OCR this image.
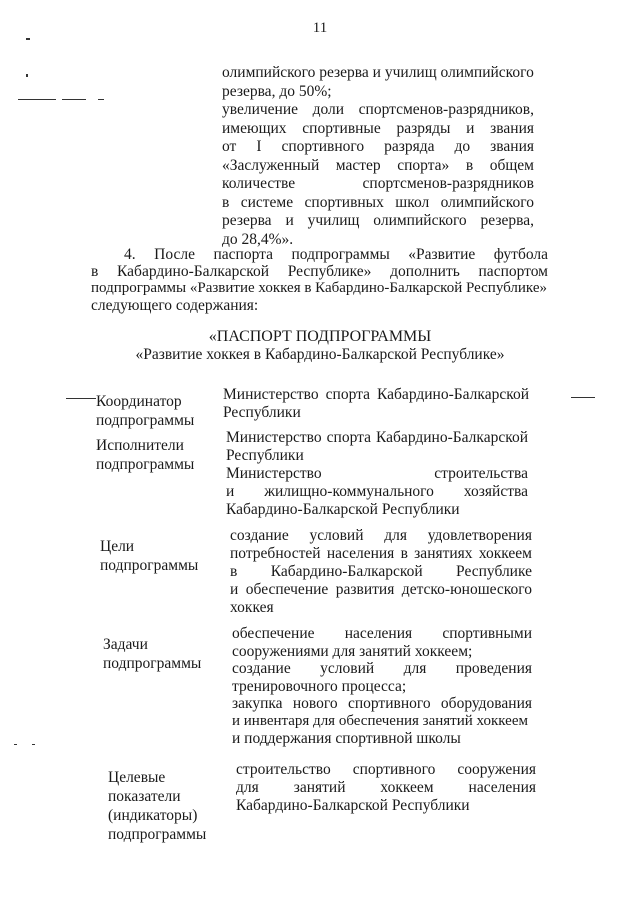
11
олимпийского резерва и училищ олимпийского
резерва, до 50%;
увеличение доли спортсменов-разрядников,
имеющих спортивные разряды и звания
от I спортивного разряда до звания
«Заслуженный мастер спорта» в общем
количестве спортсменов-разрядников
в системе спортивных школ олимпийского
резерва и училищ олимпийского резерва,
до 28,4%».
4. После паспорта подпрограммы «Развитие футбола
в Кабардино-Балкарской Республике» дополнить паспортом
подпрограммы «Развитие хоккея в Кабардино-Балкарской Республике»
следующего содержания:
«ПАСПОРТ ПОДПРОГРАММЫ
«Развитие хоккея в Кабардино-Балкарской Республике»
Координатор
подпрограммы
Министерство спорта Кабардино-Балкарской
Республики
Исполнители
подпрограммы
Министерство спорта Кабардино-Балкарской
Республики
Министерство строительства
и жилищно-коммунального хозяйства
Кабардино-Балкарской Республики
Цели
подпрограммы
создание условий для удовлетворения
потребностей населения в занятиях хоккеем
в Кабардино-Балкарской Республике
и обеспечение развития детско-юношеского
хоккея
Задачи
подпрограммы
обеспечение населения спортивными
сооружениями для занятий хоккеем;
создание условий для проведения
тренировочного процесса;
закупка нового спортивного оборудования
и инвентаря для обеспечения занятий хоккеем
и поддержания спортивной школы
Целевые
показатели
(индикаторы)
подпрограммы
строительство спортивного сооружения
для занятий хоккеем населения
Кабардино-Балкарской Республики
